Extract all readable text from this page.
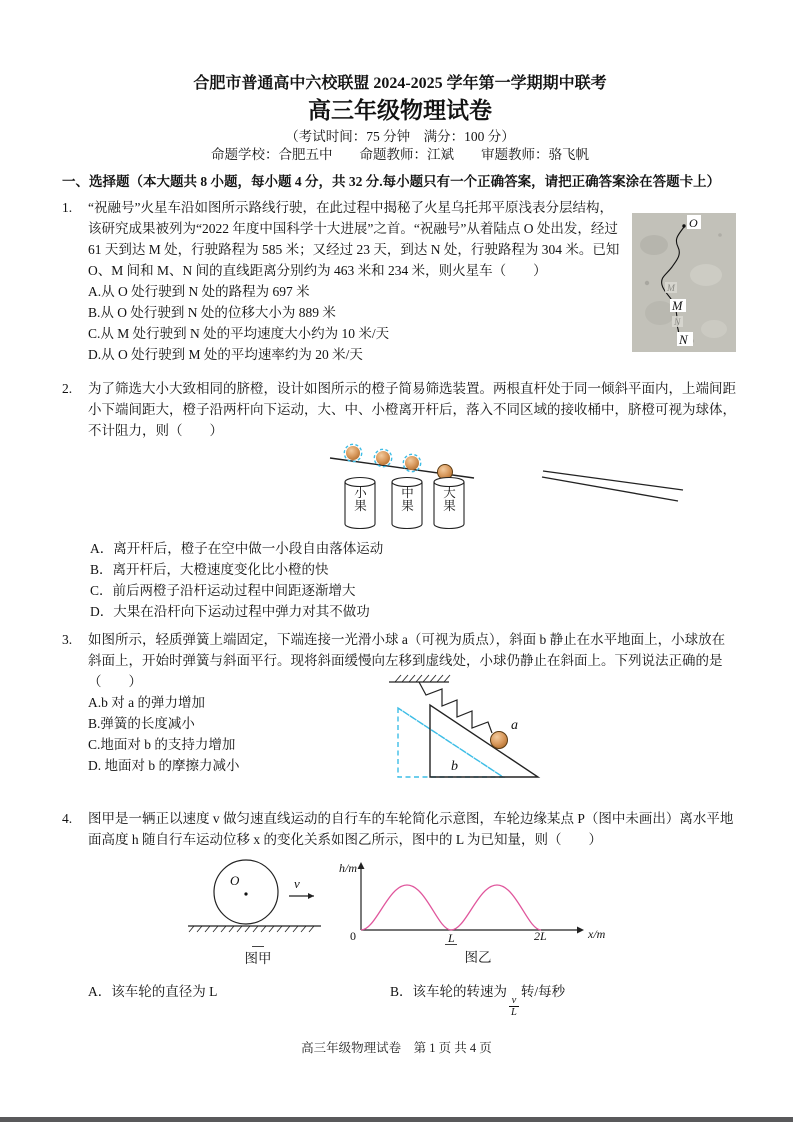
合肥市普通高中六校联盟 2024-2025 学年第一学期期中联考
高三年级物理试卷
（考试时间：75 分钟　满分：100 分）
命题学校：合肥五中　　命题教师：江斌　　审题教师：骆飞帆
一、 选择题（本大题共 8 小题，每小题 4 分，共 32 分.每小题只有一个正确答案，请把正确答案涂在答题卡上）
1.
O
M
M
N
N
“祝融号”火星车沿如图所示路线行驶，在此过程中揭秘了火星乌托邦平原浅表分层结构，该研究成果被列为“2022 年度中国科学十大进展”之首。“祝融号”从着陆点 O 处出发，经过 61 天到达 M 处，行驶路程为 585 米；又经过 23 天，到达 N 处，行驶路程为 304 米。已知 O、M 间和 M、N 间的直线距离分别约为 463 米和 234 米，则火星车（　　）
A.从 O 处行驶到 N 处的路程为 697 米
B.从 O 处行驶到 N 处的位移大小为 889 米
C.从 M 处行驶到 N 处的平均速度大小约为 10 米/天
D.从 O 处行驶到 M 处的平均速率约为 20 米/天
2.	为了筛选大小大致相同的脐橙，设计如图所示的橙子简易筛选装置。两根直杆处于同一倾斜平面内，上端间距小下端间距大，橙子沿两杆向下运动，大、中、小橙离开杆后，落入不同区域的接收桶中，脐橙可视为球体，不计阻力，则（　　）
小果
中果
大果
A．离开杆后，橙子在空中做一小段自由落体运动
B．离开杆后，大橙速度变化比小橙的快
C．前后两橙子沿杆运动过程中间距逐渐增大
D．大果在沿杆向下运动过程中弹力对其不做功
3.	如图所示，轻质弹簧上端固定，下端连接一光滑小球 a（可视为质点），斜面 b 静止在水平地面上，小球放在斜面上，开始时弹簧与斜面平行。现将斜面缓慢向左移到虚线处，小球仍静止在斜面上。下列说法正确的是（　　）
A.b 对 a 的弹力增加
B.弹簧的长度减小
C.地面对 b 的支持力增加
D. 地面对 b 的摩擦力减小
a
b
4.	图甲是一辆正以速度 v 做匀速直线运动的自行车的车轮简化示意图，车轮边缘某点 P（图中未画出）离水平地面高度 h 随自行车运动位移 x 的变化关系如图乙所示，图中的 L 为已知量，则（　　）
O	v
h/m
x/m
0	L	2L
图甲	图乙
A．该车轮的直径为 L	B．该车轮的转速为
$\frac{v}{L}$
转/每秒
高三年级物理试卷　第 1 页 共 4 页
